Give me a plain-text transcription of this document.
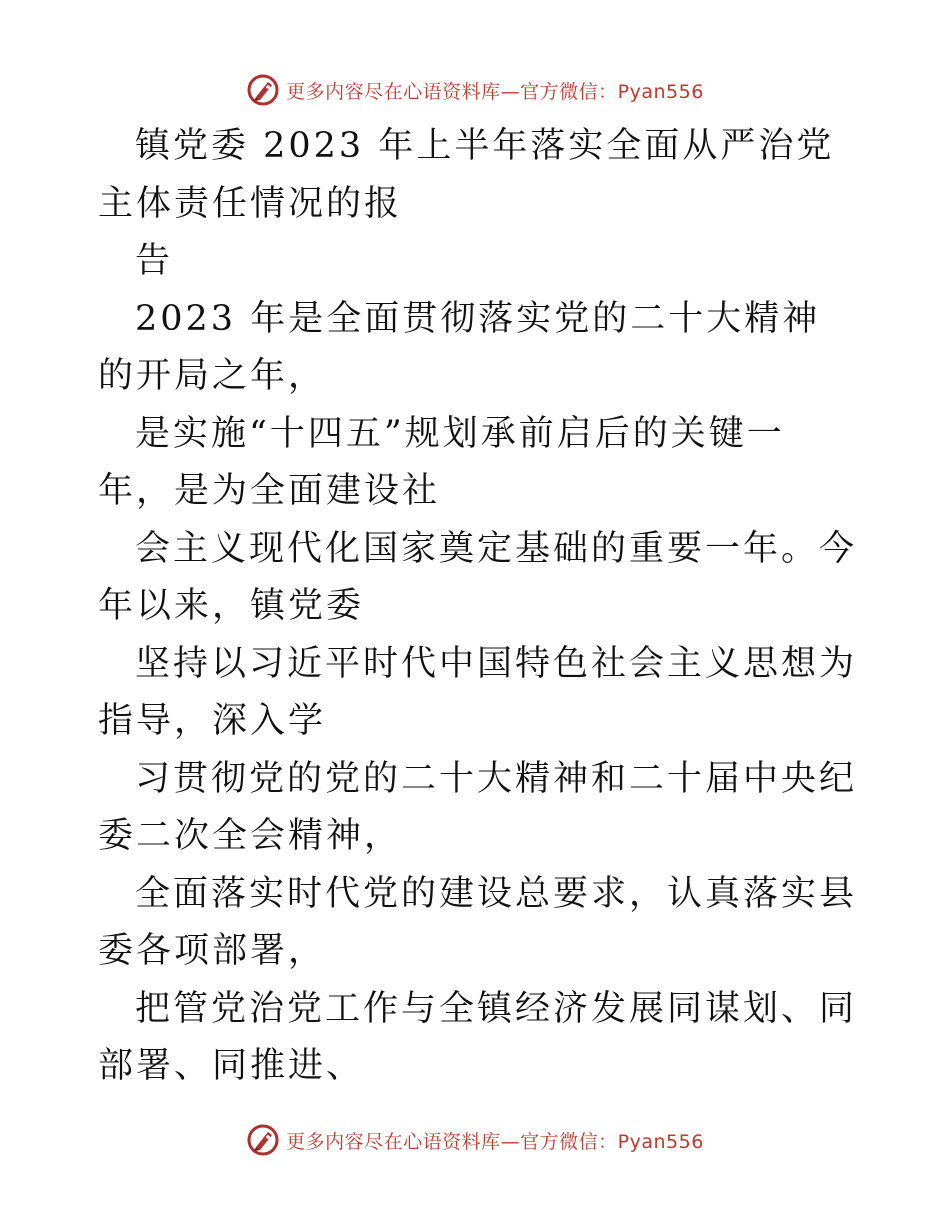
更多内容尽在心语资料库—官方微信：Pyan556

镇党委 2023 年上半年落实全面从严治党主体责任情况的报

告

2023 年是全面贯彻落实党的二十大精神的开局之年，

是实施“十四五”规划承前启后的关键一年，是为全面建设社

会主义现代化国家奠定基础的重要一年。今年以来，镇党委

坚持以习近平时代中国特色社会主义思想为指导，深入学

习贯彻党的党的二十大精神和二十届中央纪委二次全会精神，

全面落实时代党的建设总要求，认真落实县委各项部署，

把管党治党工作与全镇经济发展同谋划、同部署、同推进、

更多内容尽在心语资料库—官方微信：Pyan556
